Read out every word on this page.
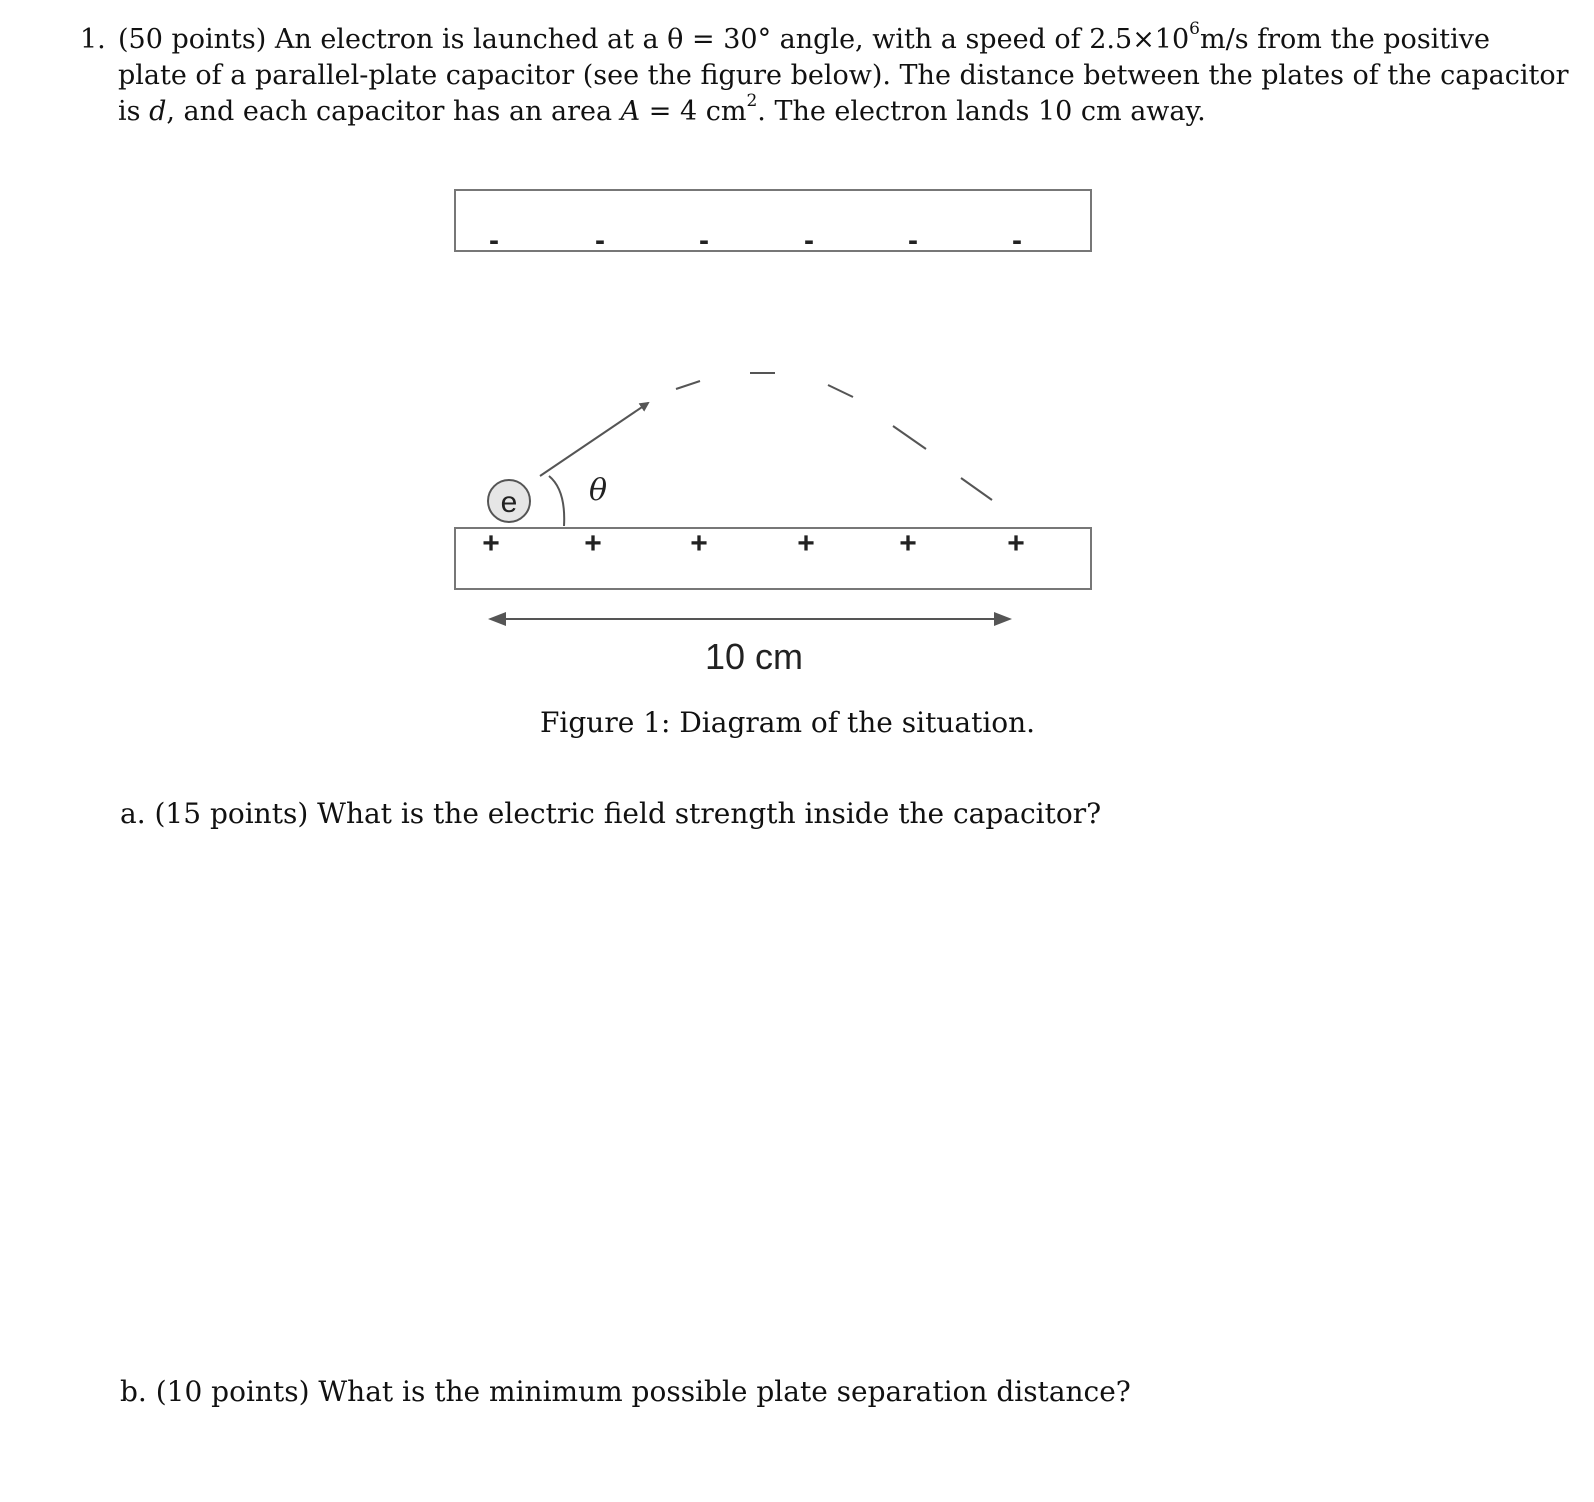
1. (50 points) An electron is launched at a θ = 30° angle, with a speed of $2.5\times 10^6m/s$ from the positive
plate of a parallel-plate capacitor (see the figure below). The distance between the plates of the capacitor
is d, and each capacitor has an area A = 4 $cm^2$. The electron lands 10 cm away.
-	-	-	-	-	-
+	+	+	+	+	+
e θ
10 cm
Figure 1: Diagram of the situation.
a. (15 points) What is the electric field strength inside the capacitor?
b. (10 points) What is the minimum possible plate separation distance?
